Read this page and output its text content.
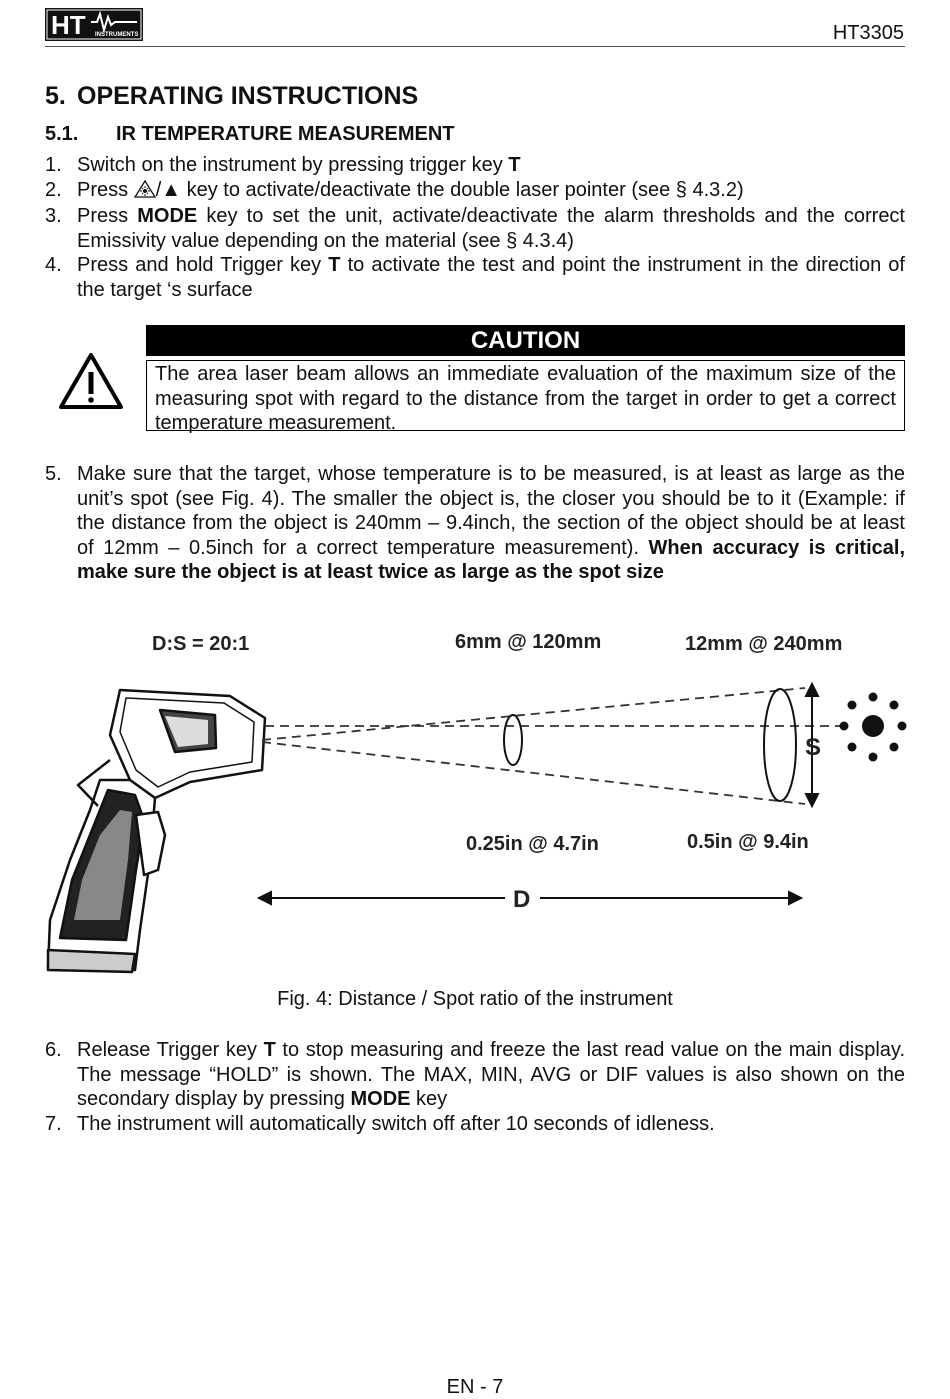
HT INSTRUMENTS	HT3305
5. OPERATING INSTRUCTIONS
5.1. IR TEMPERATURE MEASUREMENT
1. Switch on the instrument by pressing trigger key T
2. Press /▲ key to activate/deactivate the double laser pointer (see § 4.3.2)
3. Press MODE key to set the unit, activate/deactivate the alarm thresholds and the correct Emissivity value depending on the material (see § 4.3.4)
4. Press and hold Trigger key T to activate the test and point the instrument in the direction of the target ‘s surface
CAUTION
The area laser beam allows an immediate evaluation of the maximum size of the measuring spot with regard to the distance from the target in order to get a correct temperature measurement.
5. Make sure that the target, whose temperature is to be measured, is at least as large as the unit’s spot (see Fig. 4). The smaller the object is, the closer you should be to it (Example: if the distance from the object is 240mm – 9.4inch, the section of the object should be at least of 12mm – 0.5inch for a correct temperature measurement). When accuracy is critical, make sure the object is at least twice as large as the spot size
D:S = 20:1	6mm @ 120mm	12mm @ 240mm
0.25in @ 4.7in	0.5in @ 9.4in
S
D
Fig. 4: Distance / Spot ratio of the instrument
6. Release Trigger key T to stop measuring and freeze the last read value on the main display. The message “HOLD” is shown. The MAX, MIN, AVG or DIF values is also shown on the secondary display by pressing MODE key
7. The instrument will automatically switch off after 10 seconds of idleness.
EN - 7
